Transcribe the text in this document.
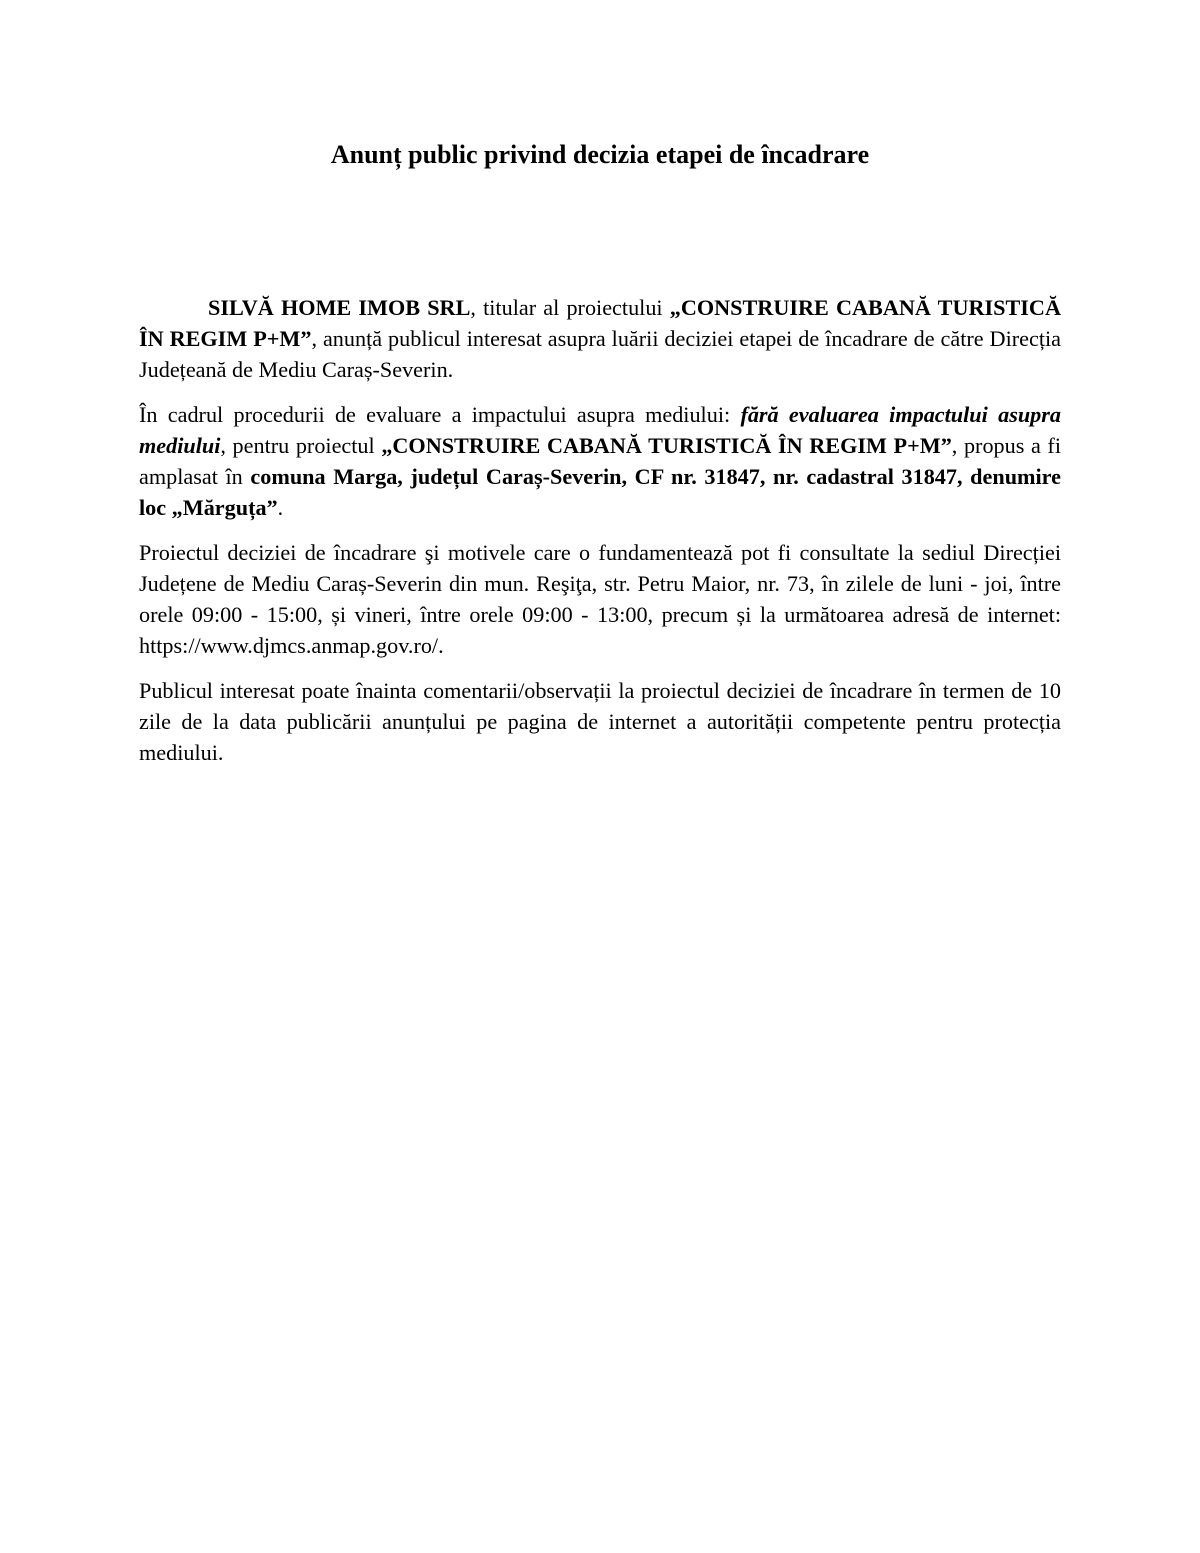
Anunț public privind decizia etapei de încadrare

SILVĂ HOME IMOB SRL, titular al proiectului „CONSTRUIRE CABANĂ TURISTICĂ ÎN REGIM P+M”, anunță publicul interesat asupra luării deciziei etapei de încadrare de către Direcția Județeană de Mediu Caraș-Severin.

În cadrul procedurii de evaluare a impactului asupra mediului: fără evaluarea impactului asupra mediului, pentru proiectul „CONSTRUIRE CABANĂ TURISTICĂ ÎN REGIM P+M”, propus a fi amplasat în comuna Marga, județul Caraș-Severin, CF nr. 31847, nr. cadastral 31847, denumire loc „Mărguța”.

Proiectul deciziei de încadrare şi motivele care o fundamentează pot fi consultate la sediul Direcției Județene de Mediu Caraș-Severin din mun. Reşiţa, str. Petru Maior, nr. 73, în zilele de luni - joi, între orele 09:00 - 15:00, și vineri, între orele 09:00 - 13:00, precum și la următoarea adresă de internet: https://www.djmcs.anmap.gov.ro/.

Publicul interesat poate înainta comentarii/observații la proiectul deciziei de încadrare în termen de 10 zile de la data publicării anunțului pe pagina de internet a autorității competente pentru protecția mediului.
